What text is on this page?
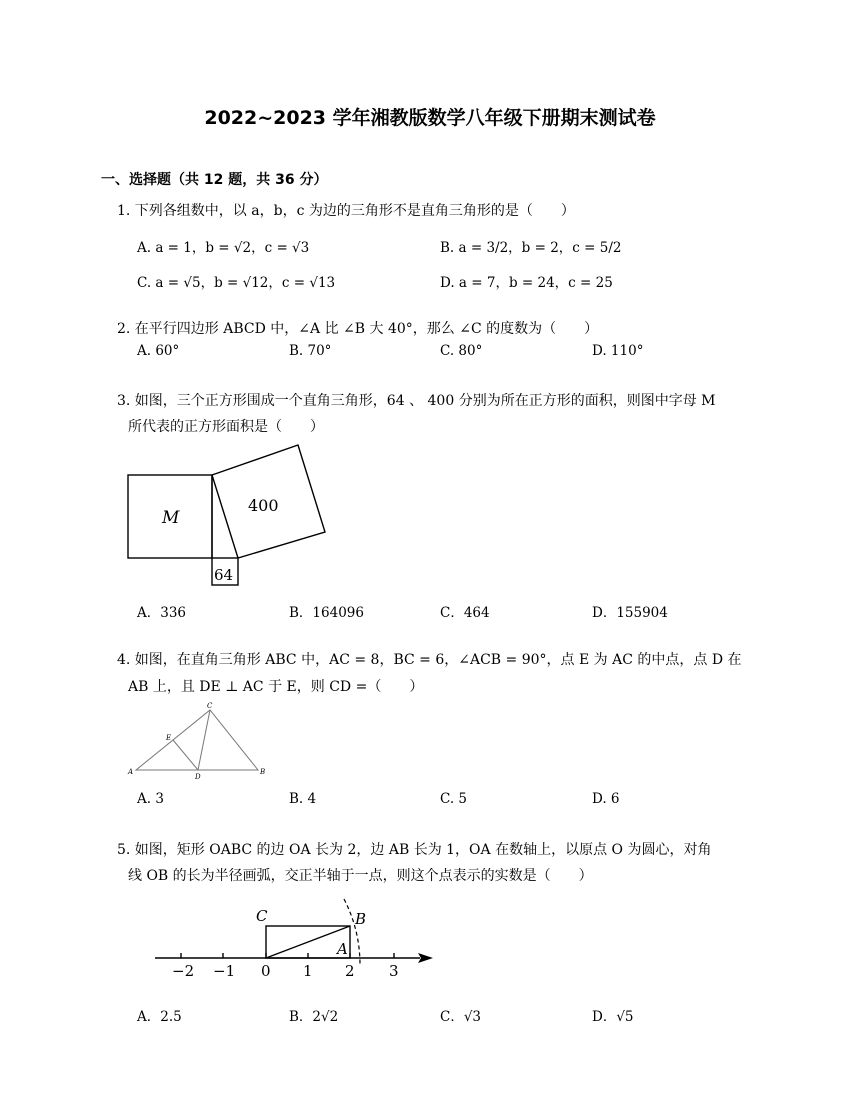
2022~2023 学年湘教版数学八年级下册期末测试卷
一、选择题（共 12 题，共 36 分）
1. 下列各组数中，以 a，b，c 为边的三角形不是直角三角形的是（　　）
A. a = 1，b = √2，c = √3	B. a = 3/2，b = 2，c = 5/2
C. a = √5，b = √12，c = √13	D. a = 7，b = 24，c = 25
2. 在平行四边形 ABCD 中，∠A 比 ∠B 大 40°，那么 ∠C 的度数为（　　）
A. 60°	B. 70°	C. 80°	D. 110°
3. 如图，三个正方形围成一个直角三角形，64 、 400 分别为所在正方形的面积，则图中字母 M
所代表的正方形面积是（　　）
M
400
64
A．336	B．164096	C．464	D．155904
4. 如图，在直角三角形 ABC 中，AC = 8，BC = 6，∠ACB = 90°，点 E 为 AC 的中点，点 D 在
AB 上，且 DE ⊥ AC 于 E，则 CD =（　　）
A
C
B
E
D
A. 3	B. 4	C. 5	D. 6
5. 如图，矩形 OABC 的边 OA 长为 2，边 AB 长为 1，OA 在数轴上，以原点 O 为圆心，对角
线 OB 的长为半径画弧，交正半轴于一点，则这个点表示的实数是（　　）
C	B
A
−2 −1 0 1 2 3
A．2.5	B．2√2	C．√3	D．√5
